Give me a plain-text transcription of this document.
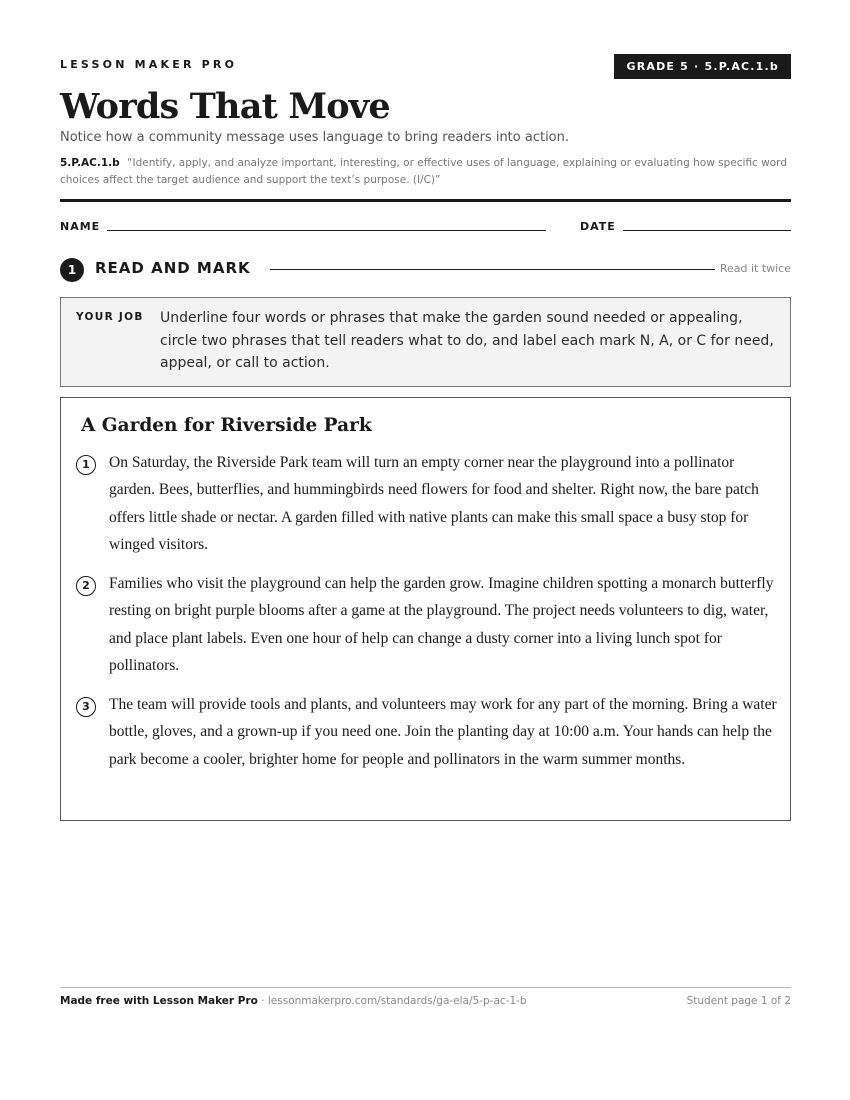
LESSON MAKER PRO	GRADE 5 · 5.P.AC.1.b
Words That Move
Notice how a community message uses language to bring readers into action.
5.P.AC.1.b “Identify, apply, and analyze important, interesting, or effective uses of language, explaining or evaluating how specific word choices affect the target audience and support the text’s purpose. (I/C)”
NAME	DATE
1	READ AND MARK	Read it twice
YOUR JOB Underline four words or phrases that make the garden sound needed or appealing, circle two phrases that tell readers what to do, and label each mark N, A, or C for need, appeal, or call to action.
A Garden for Riverside Park
1	On Saturday, the Riverside Park team will turn an empty corner near the playground into a pollinator garden. Bees, butterflies, and hummingbirds need flowers for food and shelter. Right now, the bare patch offers little shade or nectar. A garden filled with native plants can make this small space a busy stop for winged visitors.
2	Families who visit the playground can help the garden grow. Imagine children spotting a monarch butterfly resting on bright purple blooms after a game at the playground. The project needs volunteers to dig, water, and place plant labels. Even one hour of help can change a dusty corner into a living lunch spot for pollinators.
3	The team will provide tools and plants, and volunteers may work for any part of the morning. Bring a water bottle, gloves, and a grown-up if you need one. Join the planting day at 10:00 a.m. Your hands can help the park become a cooler, brighter home for people and pollinators in the warm summer months.
Made free with Lesson Maker Pro · lessonmakerpro.com/standards/ga-ela/5-p-ac-1-b	Student page 1 of 2
